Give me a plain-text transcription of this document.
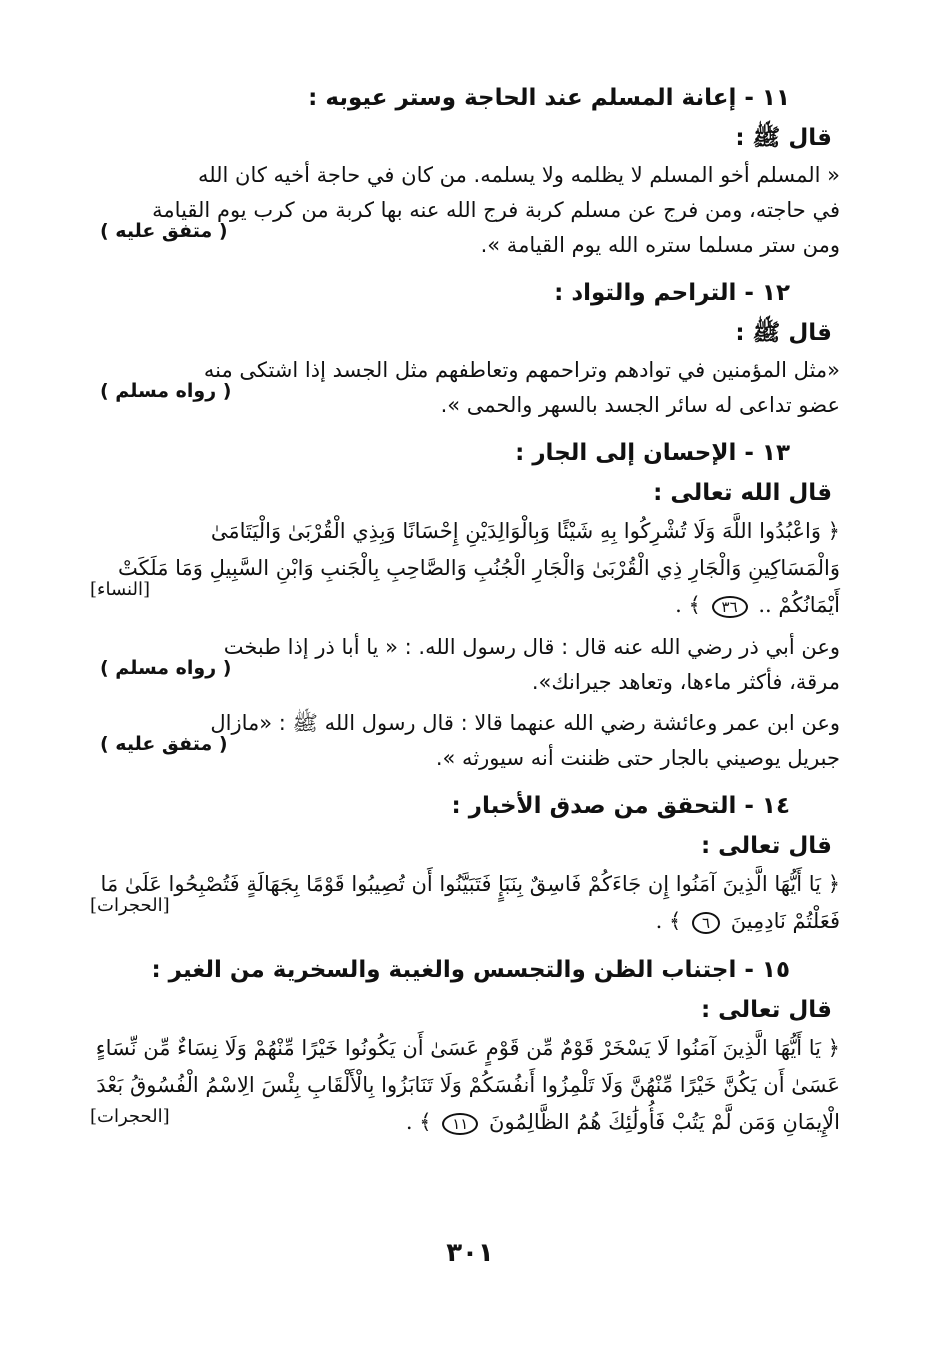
١١ - إعانة المسلم عند الحاجة وستر عيوبه :
قال ﷺ :
« المسلم أخو المسلم لا يظلمه ولا يسلمه. من كان في حاجة أخيه كان الله
في حاجته، ومن فرج عن مسلم كربة فرج الله عنه بها كربة من كرب يوم القيامة
ومن ستر مسلما ستره الله يوم القيامة ».
( متفق عليه )
١٢ - التراحم والتواد :
قال ﷺ :
«مثل المؤمنين في توادهم وتراحمهم وتعاطفهم مثل الجسد إذا اشتكى منه
عضو تداعى له سائر الجسد بالسهر والحمى ».
( رواه مسلم )
١٣ - الإحسان إلى الجار :
قال الله تعالى :
﴿ وَاعْبُدُوا اللَّهَ وَلَا تُشْرِكُوا بِهِ شَيْئًا وَبِالْوَالِدَيْنِ إِحْسَانًا وَبِذِي الْقُرْبَىٰ وَالْيَتَامَىٰ
وَالْمَسَاكِينِ وَالْجَارِ ذِي الْقُرْبَىٰ وَالْجَارِ الْجُنُبِ وَالصَّاحِبِ بِالْجَنبِ وَابْنِ السَّبِيلِ وَمَا مَلَكَتْ
أَيْمَانُكُمْ .. ٣٦ ﴾ .
[النساء]
وعن أبي ذر رضي الله عنه قال : قال رسول الله. : « يا أبا ذر إذا طبخت
مرقة، فأكثر ماءها، وتعاهد جيرانك».
( رواه مسلم )
وعن ابن عمر وعائشة رضي الله عنهما قالا : قال رسول الله ﷺ : «مازال
جبريل يوصيني بالجار حتى ظننت أنه سيورثه ».
( متفق عليه )
١٤ - التحقق من صدق الأخبار :
قال تعالى :
﴿ يَا أَيُّهَا الَّذِينَ آمَنُوا إِن جَاءَكُمْ فَاسِقٌ بِنَبَإٍ فَتَبَيَّنُوا أَن تُصِيبُوا قَوْمًا بِجَهَالَةٍ فَتُصْبِحُوا عَلَىٰ مَا
فَعَلْتُمْ نَادِمِينَ ٦ ﴾ .
[الحجرات]
١٥ - اجتناب الظن والتجسس والغيبة والسخرية من الغير :
قال تعالى :
﴿ يَا أَيُّهَا الَّذِينَ آمَنُوا لَا يَسْخَرْ قَوْمٌ مِّن قَوْمٍ عَسَىٰ أَن يَكُونُوا خَيْرًا مِّنْهُمْ وَلَا نِسَاءٌ مِّن نِّسَاءٍ
عَسَىٰ أَن يَكُنَّ خَيْرًا مِّنْهُنَّ وَلَا تَلْمِزُوا أَنفُسَكُمْ وَلَا تَنَابَزُوا بِالْأَلْقَابِ بِئْسَ الِاسْمُ الْفُسُوقُ بَعْدَ
الْإِيمَانِ وَمَن لَّمْ يَتُبْ فَأُولَٰئِكَ هُمُ الظَّالِمُونَ ١١ ﴾ .
[الحجرات]
٣٠١
